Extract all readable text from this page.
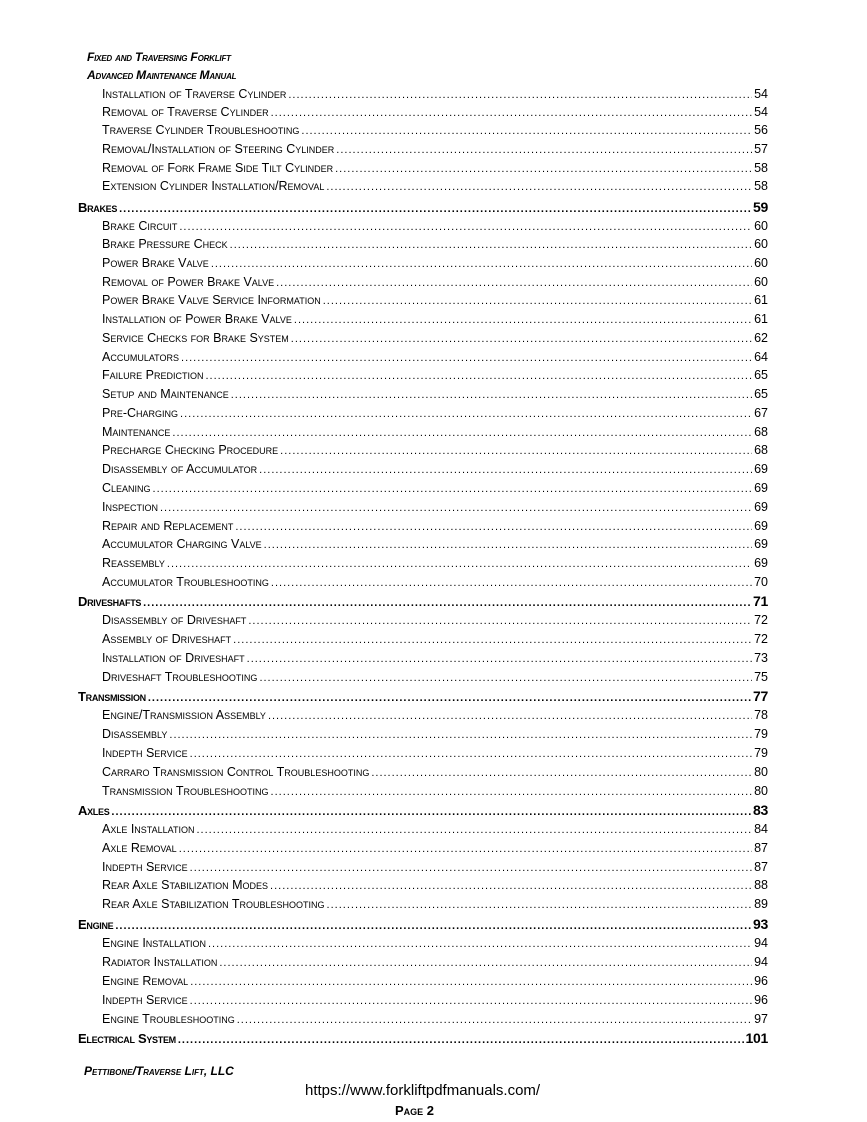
Fixed and Traversing Forklift
Advanced Maintenance Manual
Installation of Traverse Cylinder .....	54
Removal of Traverse Cylinder .....	54
Traverse Cylinder Troubleshooting .....	56
Removal/Installation of Steering Cylinder .....	57
Removal of Fork Frame Side Tilt Cylinder .....	58
Extension Cylinder Installation/Removal .....	58
Brakes .....	59
Brake Circuit .....	60
Brake Pressure Check .....	60
Power Brake Valve .....	60
Removal of Power Brake Valve .....	60
Power Brake Valve Service Information .....	61
Installation of Power Brake Valve .....	61
Service Checks for Brake System .....	62
Accumulators .....	64
Failure Prediction .....	65
Setup and Maintenance .....	65
Pre-Charging .....	67
Maintenance .....	68
Precharge Checking Procedure .....	68
Disassembly of Accumulator .....	69
Cleaning .....	69
Inspection .....	69
Repair and Replacement .....	69
Accumulator Charging Valve .....	69
Reassembly .....	69
Accumulator Troubleshooting .....	70
Driveshafts .....	71
Disassembly of Driveshaft .....	72
Assembly of Driveshaft .....	72
Installation of Driveshaft .....	73
Driveshaft Troubleshooting .....	75
Transmission .....	77
Engine/Transmission Assembly .....	78
Disassembly .....	79
Indepth Service .....	79
Carraro Transmission Control Troubleshooting .....	80
Transmission Troubleshooting .....	80
Axles .....	83
Axle Installation .....	84
Axle Removal .....	87
Indepth Service .....	87
Rear Axle Stabilization Modes .....	88
Rear Axle Stabilization Troubleshooting .....	89
Engine .....	93
Engine Installation .....	94
Radiator Installation .....	94
Engine Removal .....	96
Indepth Service .....	96
Engine Troubleshooting .....	97
Electrical System .....	101
Pettibone/Traverse Lift, LLC
https://www.forkliftpdfmanuals.com/
Page 2
